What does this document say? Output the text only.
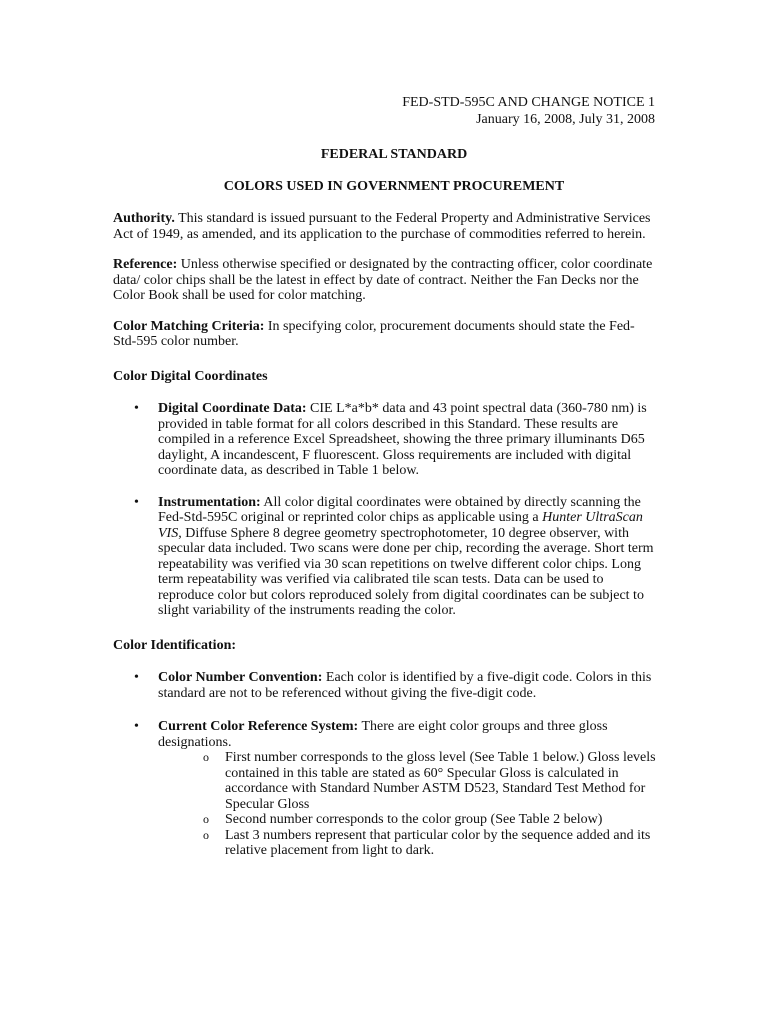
FED-STD-595C AND CHANGE NOTICE 1
January 16, 2008, July 31, 2008
FEDERAL STANDARD
COLORS USED IN GOVERNMENT PROCUREMENT

Authority. This standard is issued pursuant to the Federal Property and Administrative Services Act of 1949, as amended, and its application to the purchase of commodities referred to herein.

Reference: Unless otherwise specified or designated by the contracting officer, color coordinate data/ color chips shall be the latest in effect by date of contract. Neither the Fan Decks nor the Color Book shall be used for color matching.

Color Matching Criteria: In specifying color, procurement documents should state the Fed-Std-595 color number.

Color Digital Coordinates
• Digital Coordinate Data: CIE L*a*b* data and 43 point spectral data (360-780 nm) is provided in table format for all colors described in this Standard. These results are compiled in a reference Excel Spreadsheet, showing the three primary illuminants D65 daylight, A incandescent, F fluorescent. Gloss requirements are included with digital coordinate data, as described in Table 1 below.
• Instrumentation: All color digital coordinates were obtained by directly scanning the Fed-Std-595C original or reprinted color chips as applicable using a Hunter UltraScan VIS, Diffuse Sphere 8 degree geometry spectrophotometer, 10 degree observer, with specular data included. Two scans were done per chip, recording the average. Short term repeatability was verified via 30 scan repetitions on twelve different color chips. Long term repeatability was verified via calibrated tile scan tests. Data can be used to reproduce color but colors reproduced solely from digital coordinates can be subject to slight variability of the instruments reading the color.
Color Identification:
• Color Number Convention: Each color is identified by a five-digit code. Colors in this standard are not to be referenced without giving the five-digit code.
• Current Color Reference System: There are eight color groups and three gloss designations.
o First number corresponds to the gloss level (See Table 1 below.) Gloss levels contained in this table are stated as 60° Specular Gloss is calculated in accordance with Standard Number ASTM D523, Standard Test Method for Specular Gloss
o Second number corresponds to the color group (See Table 2 below)
o Last 3 numbers represent that particular color by the sequence added and its relative placement from light to dark.
